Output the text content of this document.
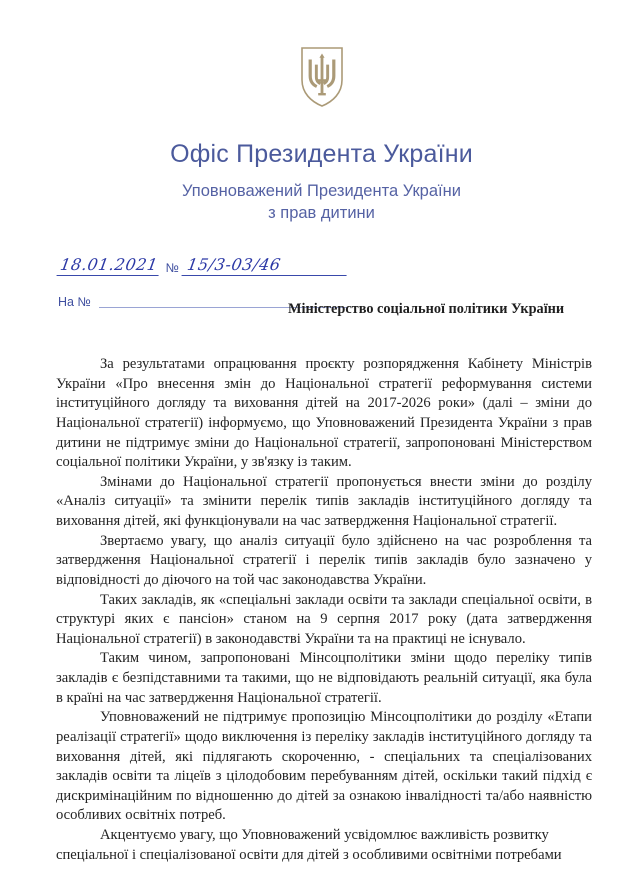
Офіс Президента України
Уповноважений Президента України
з прав дитини
18.01.2021 № 15/3-03/46
На №	Міністерство соціальної політики України

За результатами опрацювання проєкту розпорядження Кабінету Міністрів України «Про внесення змін до Національної стратегії реформування системи інституційного догляду та виховання дітей на 2017-2026 роки» (далі – зміни до Національної стратегії) інформуємо, що Уповноважений Президента України з прав дитини не підтримує зміни до Національної стратегії, запропоновані Міністерством соціальної політики України, у зв'язку із таким.

Змінами до Національної стратегії пропонується внести зміни до розділу «Аналіз ситуації» та змінити перелік типів закладів інституційного догляду та виховання дітей, які функціонували на час затвердження Національної стратегії.

Звертаємо увагу, що аналіз ситуації було здійснено на час розроблення та затвердження Національної стратегії і перелік типів закладів було зазначено у відповідності до діючого на той час законодавства України.

Таких закладів, як «спеціальні заклади освіти та заклади спеціальної освіти, в структурі яких є пансіон» станом на 9 серпня 2017 року (дата затвердження Національної стратегії) в законодавстві України та на практиці не існувало.

Таким чином, запропоновані Мінсоцполітики зміни щодо переліку типів закладів є безпідставними та такими, що не відповідають реальній ситуації, яка була в країні на час затвердження Національної стратегії.

Уповноважений не підтримує пропозицію Мінсоцполітики до розділу «Етапи реалізації стратегії» щодо виключення із переліку закладів інституційного догляду та виховання дітей, які підлягають скороченню, - спеціальних та спеціалізованих закладів освіти та ліцеїв з цілодобовим перебуванням дітей, оскільки такий підхід є дискримінаційним по відношенню до дітей за ознакою інвалідності та/або наявністю особливих освітніх потреб.

Акцентуємо увагу, що Уповноважений усвідомлює важливість розвитку спеціальної і спеціалізованої освіти для дітей з особливими освітніми потребами
